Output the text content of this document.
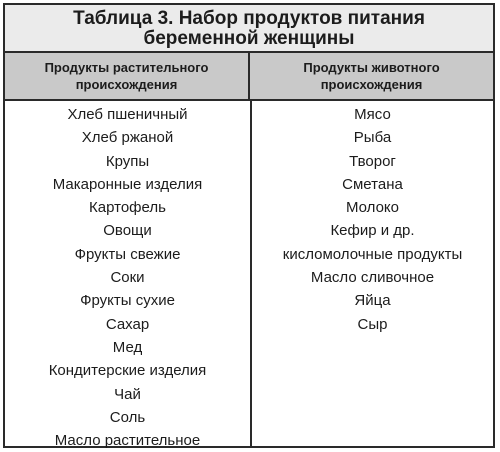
Таблица 3. Набор продуктов питания
беременной женщины
Продукты растительного
происхождения
Продукты животного
происхождения
Хлеб пшеничный
Хлеб ржаной
Крупы
Макаронные изделия
Картофель
Овощи
Фрукты свежие
Соки
Фрукты сухие
Сахар
Мед
Кондитерские изделия
Чай
Соль
Масло растительное
Мясо
Рыба
Творог
Сметана
Молоко
Кефир и др.
кисломолочные продукты
Масло сливочное
Яйца
Сыр
